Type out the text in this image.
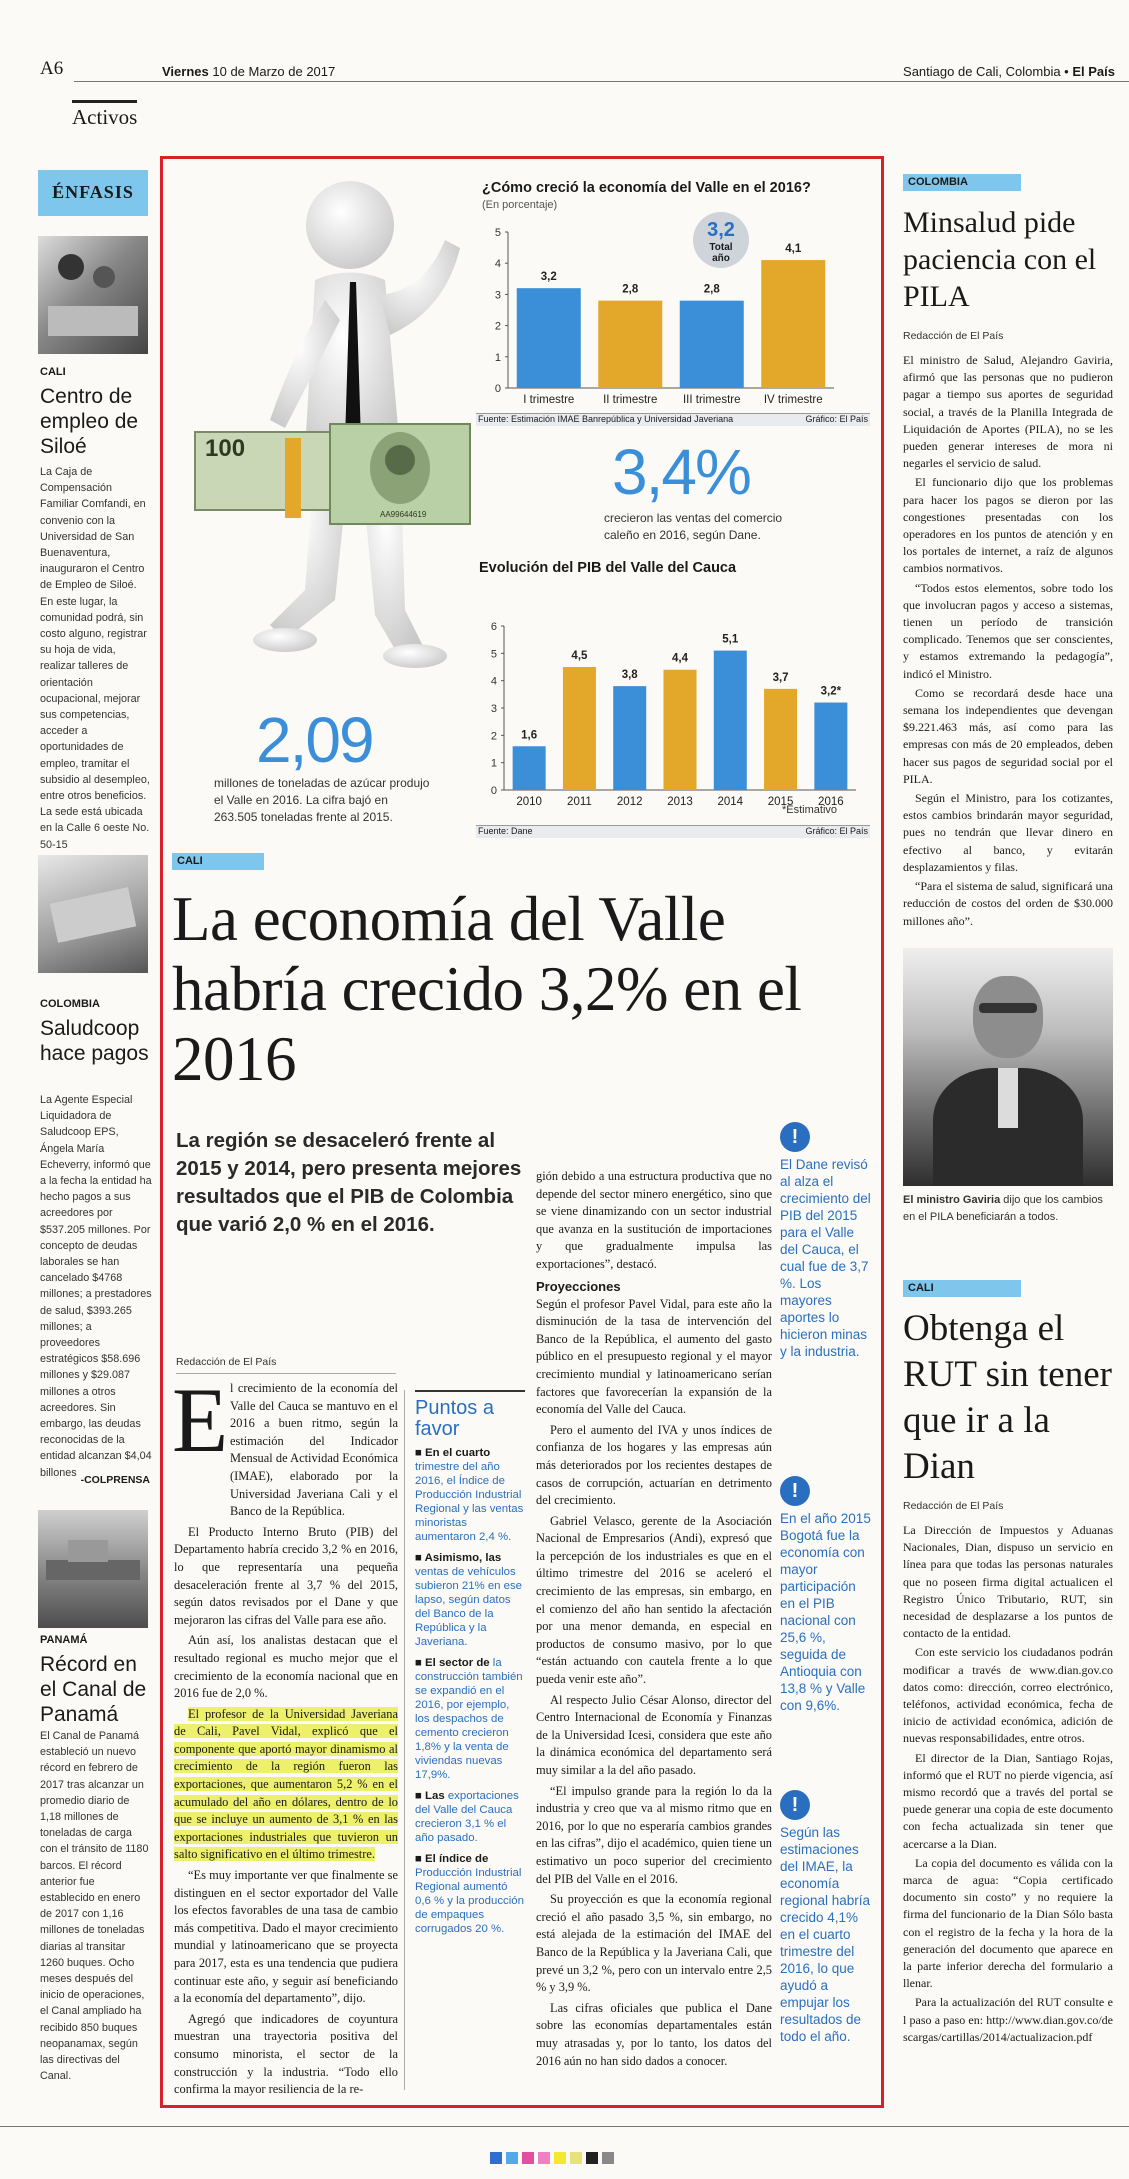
A6	Viernes 10 de Marzo de 2017	Santiago de Cali, Colombia • El País
Activos
ÉNFASIS
CALI
Centro de empleo de Siloé
La Caja de Compensación Familiar Comfandi, en convenio con la Universidad de San Buenaventura, inauguraron el Centro de Empleo de Siloé. En este lugar, la comunidad podrá, sin costo alguno, registrar su hoja de vida, realizar talleres de orientación ocupacional, mejorar sus competencias, acceder a oportunidades de empleo, tramitar el subsidio al desempleo, entre otros beneficios. La sede está ubicada en la Calle 6 oeste No. 50-15
COLOMBIA
Saludcoop hace pagos
La Agente Especial Liquidadora de Saludcoop EPS, Ángela María Echeverry, informó que a la fecha la entidad ha hecho pagos a sus acreedores por $537.205 millones. Por concepto de deudas laborales se han cancelado $4768 millones; a prestadores de salud, $393.265 millones; a proveedores estratégicos $58.696 millones y $29.087 millones a otros acreedores. Sin embargo, las deudas reconocidas de la entidad alcanzan $4,04 billones
-COLPRENSA
PANAMÁ
Récord en el Canal de Panamá
El Canal de Panamá estableció un nuevo récord en febrero de 2017 tras alcanzar un promedio diario de 1,18 millones de toneladas de carga con el tránsito de 1180 barcos. El récord anterior fue establecido en enero de 2017 con 1,16 millones de toneladas diarias al transitar 1260 buques. Ocho meses después del inicio de operaciones, el Canal ampliado ha recibido 850 buques neopanamax, según las directivas del Canal.
100
AA99644619
¿Cómo creció la economía del Valle en el 2016?
(En porcentaje)
3,2
Total
año
0
1
2
3
4
5
3,2
I trimestre
2,8
II trimestre
2,8
III trimestre
4,1
IV trimestre
Fuente: Estimación IMAE Banrepública y Universidad Javeriana	Gráfico: El País
3,4%
crecieron las ventas del comercio caleño en 2016, según Dane.
Evolución del PIB del Valle del Cauca
0
1
2
3
4
5
6
1,6
2010
4,5
2011
3,8
2012
4,4
2013
5,1
2014
3,7
2015
3,2*
2016
*Estimativo
Fuente: Dane	Gráfico: El País
2,09
millones de toneladas de azúcar produjo el Valle en 2016. La cifra bajó en 263.505 toneladas frente al 2015.
CALI
La economía del Valle habría crecido 3,2% en el 2016
La región se desaceleró frente al 2015 y 2014, pero presenta mejores resultados que el PIB de Colombia que varió 2,0 % en el 2016.
Redacción de El País
E l crecimiento de la economía del Valle del Cauca se mantuvo en el 2016 a buen ritmo, según la estimación del Indicador Mensual de Actividad Económica (IMAE), elaborado por la Universidad Javeriana Cali y el Banco de la República.

El Producto Interno Bruto (PIB) del Departamento habría crecido 3,2 % en 2016, lo que representaría una pequeña desaceleración frente al 3,7 % del 2015, según datos revisados por el Dane y que mejoraron las cifras del Valle para ese año.

Aún así, los analistas destacan que el resultado regional es mucho mejor que el crecimiento de la economía nacional que en 2016 fue de 2,0 %.

El profesor de la Universidad Javeriana de Cali, Pavel Vidal, explicó que el componente que aportó mayor dinamismo al crecimiento de la región fueron las exportaciones, que aumentaron 5,2 % en el acumulado del año en dólares, dentro de lo que se incluye un aumento de 3,1 % en las exportaciones industriales que tuvieron un salto significativo en el último trimestre.

“Es muy importante ver que finalmente se distinguen en el sector exportador del Valle los efectos favorables de una tasa de cambio más competitiva. Dado el mayor crecimiento mundial y latinoamericano que se proyecta para 2017, esta es una tendencia que pudiera continuar este año, y seguir así beneficiando a la economía del departamento”, dijo.

Agregó que indicadores de coyuntura muestran una trayectoria positiva del consumo minorista, el sector de la construcción y la industria. “Todo ello confirma la mayor resiliencia de la re-

Puntos a favor
■ En el cuarto trimestre del año 2016, el Índice de Producción Industrial Regional y las ventas minoristas aumentaron 2,4 %.
■ Asimismo, las ventas de vehículos subieron 21% en ese lapso, según datos del Banco de la República y la Javeriana.
■ El sector de la construcción también se expandió en el 2016, por ejemplo, los despachos de cemento crecieron 1,8% y la venta de viviendas nuevas 17,9%.
■ Las exportaciones del Valle del Cauca crecieron 3,1 % el año pasado.
■ El índice de Producción Industrial Regional aumentó 0,6 % y la producción de empaques corrugados 20 %.

gión debido a una estructura productiva que no depende del sector minero energético, sino que se viene dinamizando con un sector industrial que avanza en la sustitución de importaciones y que gradualmente impulsa las exportaciones”, destacó.

Proyecciones

Según el profesor Pavel Vidal, para este año la disminución de la tasa de intervención del Banco de la República, el aumento del gasto público en el presupuesto regional y el mayor crecimiento mundial y latinoamericano serían factores que favorecerían la expansión de la economía del Valle del Cauca.

Pero el aumento del IVA y unos índices de confianza de los hogares y las empresas aún más deteriorados por los recientes destapes de casos de corrupción, actuarían en detrimento del crecimiento.

Gabriel Velasco, gerente de la Asociación Nacional de Empresarios (Andi), expresó que la percepción de los industriales es que en el último trimestre del 2016 se aceleró el crecimiento de las empresas, sin embargo, en el comienzo del año han sentido la afectación por una menor demanda, en especial en productos de consumo masivo, por lo que “están actuando con cautela frente a lo que pueda venir este año”.

Al respecto Julio César Alonso, director del Centro Internacional de Economía y Finanzas de la Universidad Icesi, considera que este año la dinámica económica del departamento será muy similar a la del año pasado.

“El impulso grande para la región lo da la industria y creo que va al mismo ritmo que en 2016, por lo que no esperaría cambios grandes en las cifras”, dijo el académico, quien tiene un estimativo un poco superior del crecimiento del PIB del Valle en el 2016.

Su proyección es que la economía regional creció el año pasado 3,5 %, sin embargo, no está alejada de la estimación del IMAE del Banco de la República y la Javeriana Cali, que prevé un 3,2 %, pero con un intervalo entre 2,5 % y 3,9 %.

Las cifras oficiales que publica el Dane sobre las economías departamentales están muy atrasadas y, por lo tanto, los datos del 2016 aún no han sido dados a conocer.

!
El Dane revisó al alza el crecimiento del PIB del 2015 para el Valle del Cauca, el cual fue de 3,7 %. Los mayores aportes lo hicieron minas y la industria.
!
En el año 2015 Bogotá fue la economía con mayor participación en el PIB nacional con 25,6 %, seguida de Antioquia con 13,8 % y Valle con 9,6%.
!
Según las estimaciones del IMAE, la economía regional habría crecido 4,1% en el cuarto trimestre del 2016, lo que ayudó a empujar los resultados de todo el año.
COLOMBIA
Minsalud pide paciencia con el PILA
Redacción de El País

El ministro de Salud, Alejandro Gaviria, afirmó que las personas que no pudieron pagar a tiempo sus aportes de seguridad social, a través de la Planilla Integrada de Liquidación de Aportes (PILA), no se les pueden generar intereses de mora ni negarles el servicio de salud.

El funcionario dijo que los problemas para hacer los pagos se dieron por las congestiones presentadas con los operadores en los puntos de atención y en los portales de internet, a raíz de algunos cambios normativos.

“Todos estos elementos, sobre todo los que involucran pagos y acceso a sistemas, tienen un período de transición complicado. Tenemos que ser conscientes, y estamos extremando la pedagogía”, indicó el Ministro.

Como se recordará desde hace una semana los independientes que devengan $9.221.463 más, así como para las empresas con más de 20 empleados, deben hacer sus pagos de seguridad social por el PILA.

Según el Ministro, para los cotizantes, estos cambios brindarán mayor seguridad, pues no tendrán que llevar dinero en efectivo al banco, y evitarán desplazamientos y filas.

“Para el sistema de salud, significará una reducción de costos del orden de $30.000 millones año”.

El ministro Gaviria dijo que los cambios en el PILA beneficiarán a todos.
CALI
Obtenga el RUT sin tener que ir a la Dian
Redacción de El País

La Dirección de Impuestos y Aduanas Nacionales, Dian, dispuso un servicio en línea para que todas las personas naturales que no poseen firma digital actualicen el Registro Único Tributario, RUT, sin necesidad de desplazarse a los puntos de contacto de la entidad.

Con este servicio los ciudadanos podrán modificar a través de www.dian.gov.co datos como: dirección, correo electrónico, teléfonos, actividad económica, fecha de inicio de actividad económica, adición de nuevas responsabilidades, entre otros.

El director de la Dian, Santiago Rojas, informó que el RUT no pierde vigencia, así mismo recordó que a través del portal se puede generar una copia de este documento con fecha actualizada sin tener que acercarse a la Dian.

La copia del documento es válida con la marca de agua: “Copia certificado documento sin costo” y no requiere la firma del funcionario de la Dian Sólo basta con el registro de la fecha y la hora de la generación del documento que aparece en la parte inferior derecha del formulario a llenar.

Para la actualización del RUT consulte el paso a paso en: http://www.dian.gov.co/descargas/cartillas/2014/actualizacion.pdf
